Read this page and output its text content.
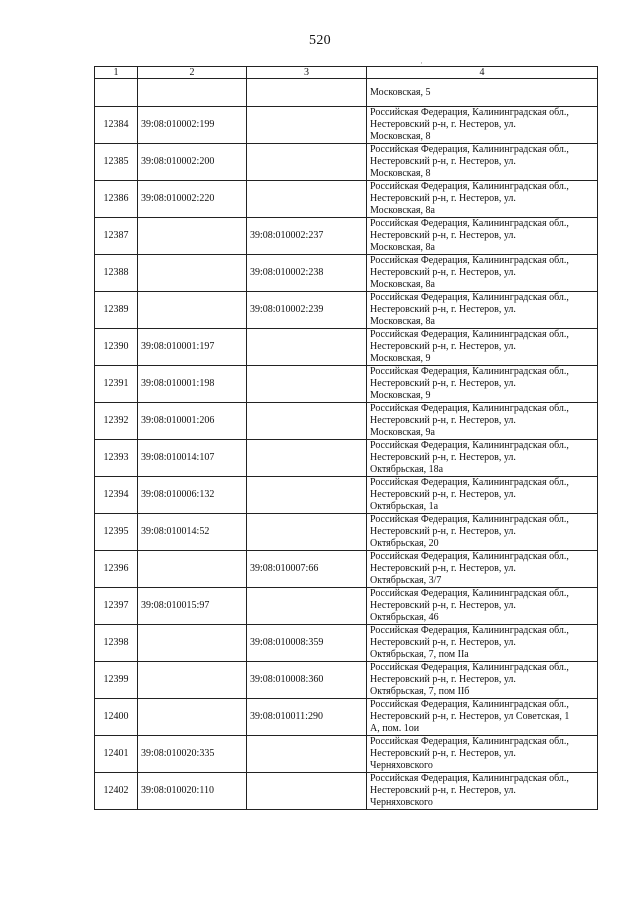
520
1	2	3	4

			Московская, 5

12384	39:08:010002:199		Российская Федерация, Калининградская обл.,
Нестеровский р-н, г. Нестеров, ул.
Московская, 8

12385	39:08:010002:200		Российская Федерация, Калининградская обл.,
Нестеровский р-н, г. Нестеров, ул.
Московская, 8

12386	39:08:010002:220		Российская Федерация, Калининградская обл.,
Нестеровский р-н, г. Нестеров, ул.
Московская, 8а

12387		39:08:010002:237	Российская Федерация, Калининградская обл.,
Нестеровский р-н, г. Нестеров, ул.
Московская, 8а

12388		39:08:010002:238	Российская Федерация, Калининградская обл.,
Нестеровский р-н, г. Нестеров, ул.
Московская, 8а

12389		39:08:010002:239	Российская Федерация, Калининградская обл.,
Нестеровский р-н, г. Нестеров, ул.
Московская, 8а

12390	39:08:010001:197		Российская Федерация, Калининградская обл.,
Нестеровский р-н, г. Нестеров, ул.
Московская, 9

12391	39:08:010001:198		Российская Федерация, Калининградская обл.,
Нестеровский р-н, г. Нестеров, ул.
Московская, 9

12392	39:08:010001:206		Российская Федерация, Калининградская обл.,
Нестеровский р-н, г. Нестеров, ул.
Московская, 9а

12393	39:08:010014:107		Российская Федерация, Калининградская обл.,
Нестеровский р-н, г. Нестеров, ул.
Октябрьская, 18а

12394	39:08:010006:132		Российская Федерация, Калининградская обл.,
Нестеровский р-н, г. Нестеров, ул.
Октябрьская, 1а

12395	39:08:010014:52		Российская Федерация, Калининградская обл.,
Нестеровский р-н, г. Нестеров, ул.
Октябрьская, 20

12396		39:08:010007:66	Российская Федерация, Калининградская обл.,
Нестеровский р-н, г. Нестеров, ул.
Октябрьская, 3/7

12397	39:08:010015:97		Российская Федерация, Калининградская обл.,
Нестеровский р-н, г. Нестеров, ул.
Октябрьская, 46

12398		39:08:010008:359	Российская Федерация, Калининградская обл.,
Нестеровский р-н, г. Нестеров, ул.
Октябрьская, 7, пом IIа

12399		39:08:010008:360	Российская Федерация, Калининградская обл.,
Нестеровский р-н, г. Нестеров, ул.
Октябрьская, 7, пом IIб

12400		39:08:010011:290	Российская Федерация, Калининградская обл.,
Нестеровский р-н, г. Нестеров, ул Советская, 1
А, пом. 1ои

12401	39:08:010020:335		Российская Федерация, Калининградская обл.,
Нестеровский р-н, г. Нестеров, ул.
Черняховского

12402	39:08:010020:110		Российская Федерация, Калининградская обл.,
Нестеровский р-н, г. Нестеров, ул.
Черняховского
·
